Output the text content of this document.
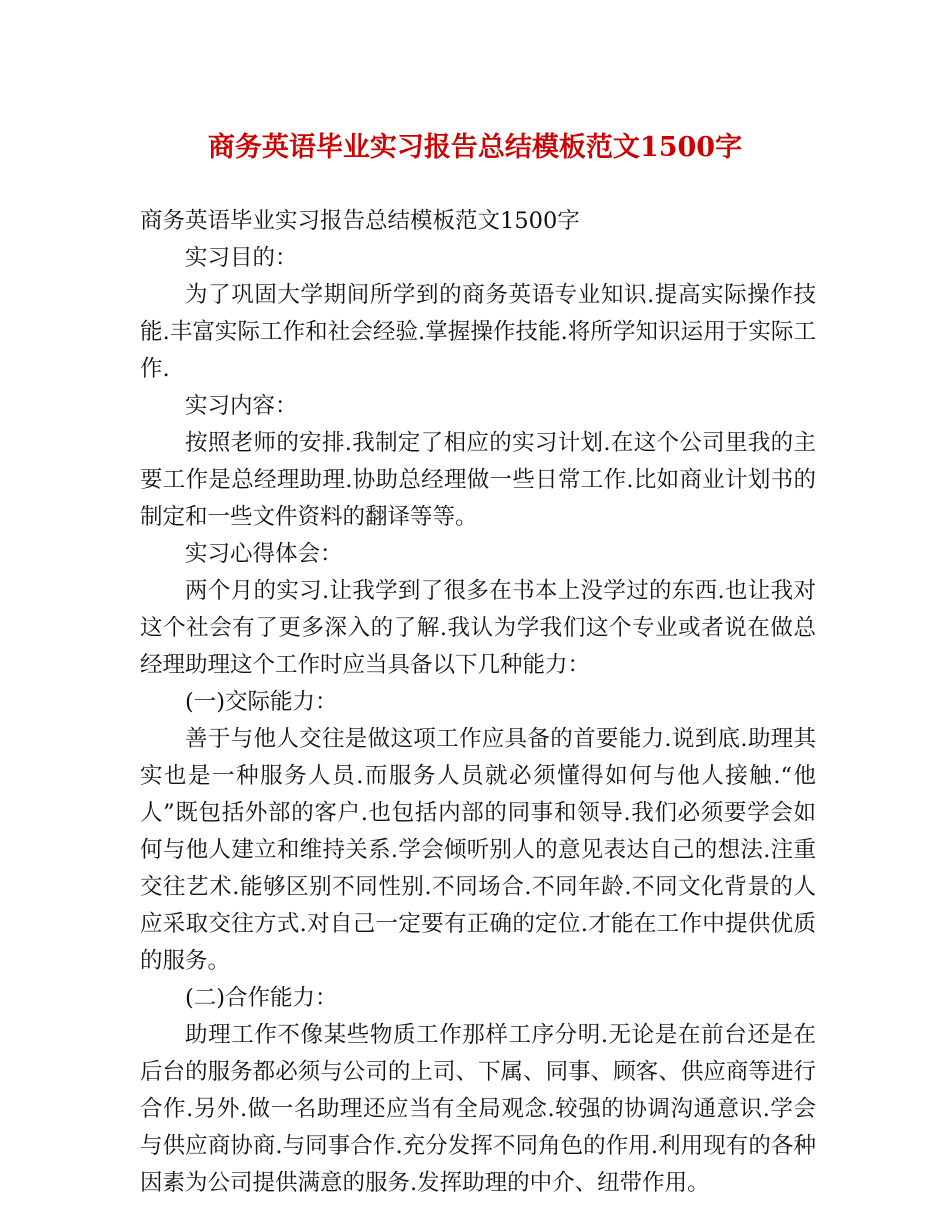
商务英语毕业实习报告总结模板范文1500字

商务英语毕业实习报告总结模板范文1500字

实习目的：

为了巩固大学期间所学到的商务英语专业知识.提高实际操作技能.丰富实际工作和社会经验.掌握操作技能.将所学知识运用于实际工作.

实习内容：

按照老师的安排.我制定了相应的实习计划.在这个公司里我的主要工作是总经理助理.协助总经理做一些日常工作.比如商业计划书的制定和一些文件资料的翻译等等。

实习心得体会：

两个月的实习.让我学到了很多在书本上没学过的东西.也让我对这个社会有了更多深入的了解.我认为学我们这个专业或者说在做总经理助理这个工作时应当具备以下几种能力：

(一)交际能力：

善于与他人交往是做这项工作应具备的首要能力.说到底.助理其实也是一种服务人员.而服务人员就必须懂得如何与他人接触.“他人”既包括外部的客户.也包括内部的同事和领导.我们必须要学会如何与他人建立和维持关系.学会倾听别人的意见表达自己的想法.注重交往艺术.能够区别不同性别.不同场合.不同年龄.不同文化背景的人应采取交往方式.对自己一定要有正确的定位.才能在工作中提供优质的服务。

(二)合作能力：

助理工作不像某些物质工作那样工序分明.无论是在前台还是在后台的服务都必须与公司的上司、下属、同事、顾客、供应商等进行合作.另外.做一名助理还应当有全局观念.较强的协调沟通意识.学会与供应商协商.与同事合作.充分发挥不同角色的作用.利用现有的各种因素为公司提供满意的服务.发挥助理的中介、纽带作用。
